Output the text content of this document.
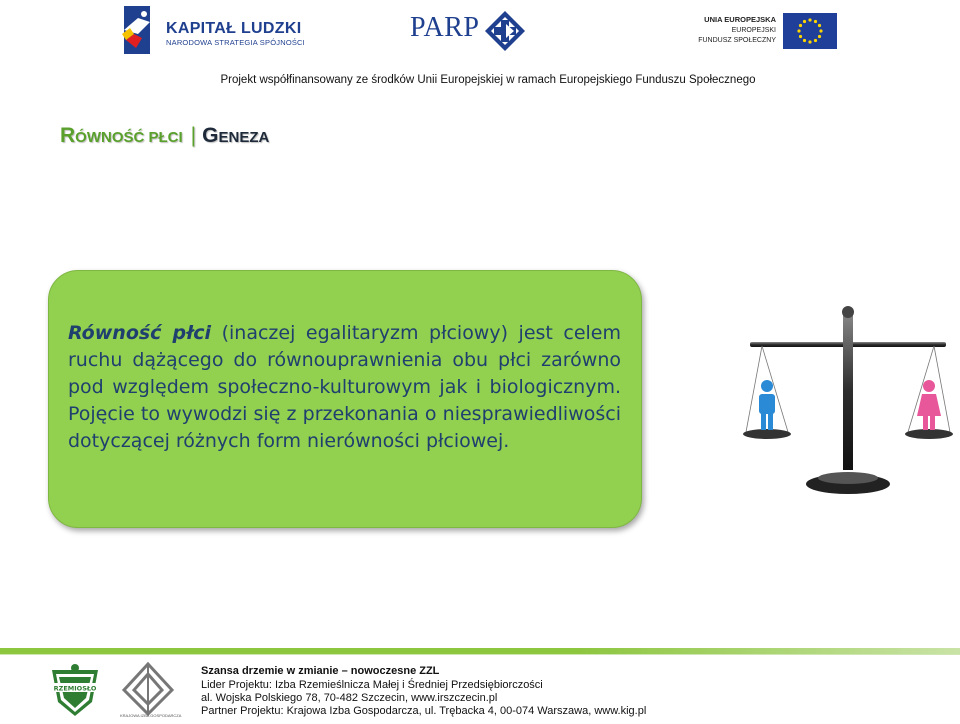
KAPITAŁ LUDZKI
NARODOWA STRATEGIA SPÓJNOŚCI	PARP	UNIA EUROPEJSKA
EUROPEJSKI
FUNDUSZ SPOŁECZNY
Projekt współfinansowany ze środków Unii Europejskiej w ramach Europejskiego Funduszu Społecznego
RÓWNOŚĆ PŁCI | GENEZA
Równość płci (inaczej egalitaryzm płciowy) jest celem ruchu dążącego do równouprawnienia obu płci zarówno pod względem społeczno-kulturowym jak i biologicznym. Pojęcie to wywodzi się z przekonania o niesprawiedliwości dotyczącej różnych form nierówności płciowej.
RZEMIOSŁO
KRAJOWA IZBA GOSPODARCZA
Szansa drzemie w zmianie – nowoczesne ZZL
Lider Projektu: Izba Rzemieślnicza Małej i Średniej Przedsiębiorczości
al. Wojska Polskiego 78, 70-482 Szczecin, www.irszczecin.pl
Partner Projektu: Krajowa Izba Gospodarcza, ul. Trębacka 4, 00-074 Warszawa, www.kig.pl
